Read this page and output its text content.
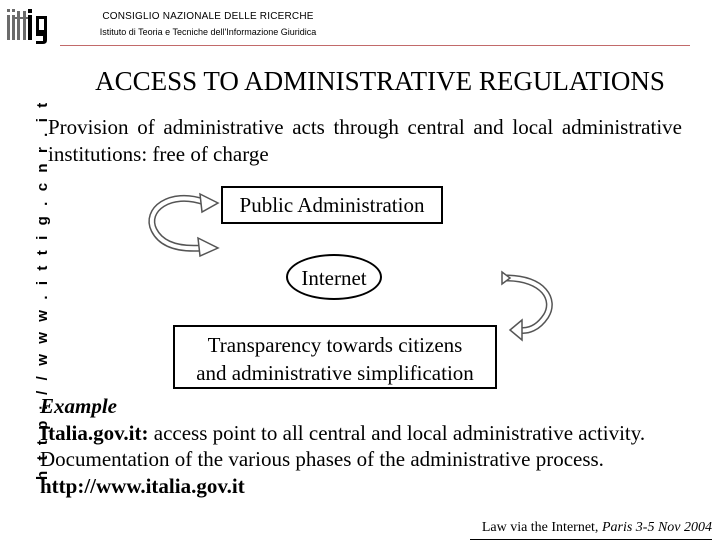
CONSIGLIO NAZIONALE DELLE RICERCHE
Istituto di Teoria e Tecniche dell'Informazione Giuridica
h t t p : / / w w w . i t t i g . c n r . i t
ACCESS TO ADMINISTRATIVE REGULATIONS
Provision of administrative acts through central and local administrative institutions: free of charge
Public Administration
Internet
Transparency towards citizens
and administrative simplification
Example
Italia.gov.it: access point to all central and local administrative activity. Documentation of the various phases of the administrative process. http://www.italia.gov.it
Law via the Internet, Paris 3-5 Nov 2004
